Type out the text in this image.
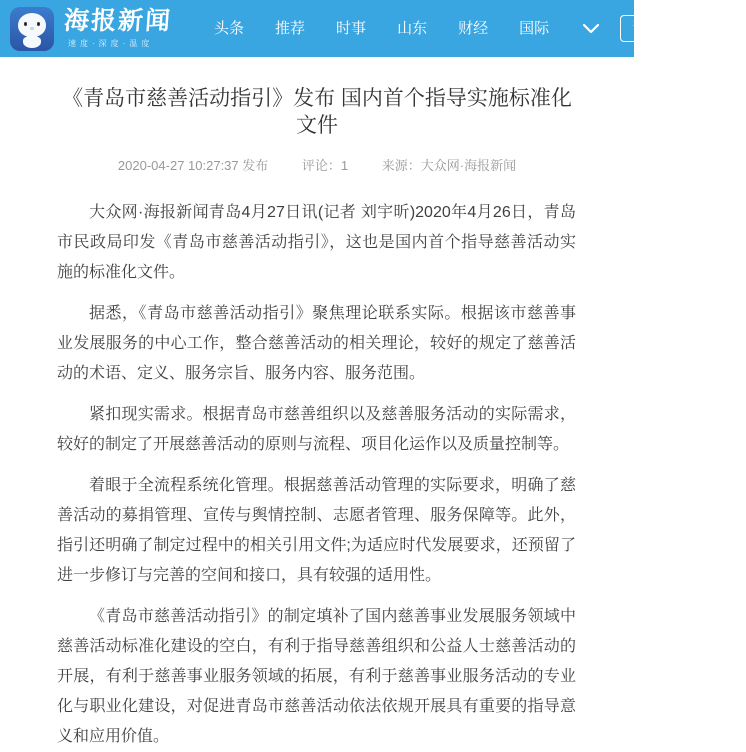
海报新闻
速度·深度·温度
头条 推荐 时事 山东 财经 国际	订阅 +	青岛
《青岛市慈善活动指引》发布 国内首个指导实施标准化文件
2020-04-27 10:27:37 发布	评论：1	来源：大众网·海报新闻

大众网·海报新闻青岛4月27日讯(记者 刘宇昕)2020年4月26日，青岛市民政局印发《青岛市慈善活动指引》，这也是国内首个指导慈善活动实施的标准化文件。

据悉，《青岛市慈善活动指引》聚焦理论联系实际。根据该市慈善事业发展服务的中心工作，整合慈善活动的相关理论，较好的规定了慈善活动的术语、定义、服务宗旨、服务内容、服务范围。

紧扣现实需求。根据青岛市慈善组织以及慈善服务活动的实际需求，较好的制定了开展慈善活动的原则与流程、项目化运作以及质量控制等。

着眼于全流程系统化管理。根据慈善活动管理的实际要求，明确了慈善活动的募捐管理、宣传与舆情控制、志愿者管理、服务保障等。此外，指引还明确了制定过程中的相关引用文件;为适应时代发展要求，还预留了进一步修订与完善的空间和接口，具有较强的适用性。

《青岛市慈善活动指引》的制定填补了国内慈善事业发展服务领域中慈善活动标准化建设的空白，有利于指导慈善组织和公益人士慈善活动的开展，有利于慈善事业服务领域的拓展，有利于慈善事业服务活动的专业化与职业化建设，对促进青岛市慈善活动依法依规开展具有重要的指导意义和应用价值。
